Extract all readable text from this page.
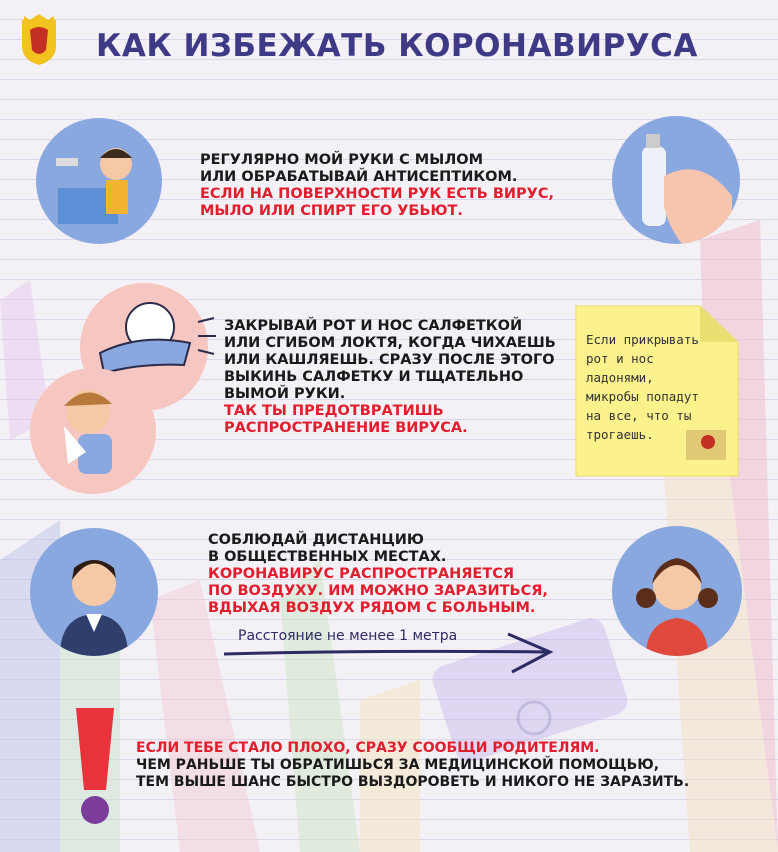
КАК ИЗБЕЖАТЬ КОРОНАВИРУСА
РЕГУЛЯРНО МОЙ РУКИ С МЫЛОМ
ИЛИ ОБРАБАТЫВАЙ АНТИСЕПТИКОМ.
ЕСЛИ НА ПОВЕРХНОСТИ РУК ЕСТЬ ВИРУС,
МЫЛО ИЛИ СПИРТ ЕГО УБЬЮТ.
ЗАКРЫВАЙ РОТ И НОС САЛФЕТКОЙ
ИЛИ СГИБОМ ЛОКТЯ, КОГДА ЧИХАЕШЬ
ИЛИ КАШЛЯЕШЬ. СРАЗУ ПОСЛЕ ЭТОГО
ВЫКИНЬ САЛФЕТКУ И ТЩАТЕЛЬНО
ВЫМОЙ РУКИ.
ТАК ТЫ ПРЕДОТВРАТИШЬ
РАСПРОСТРАНЕНИЕ ВИРУСА.
Если прикрывать
рот и нос
ладонями,
микробы попадут
на все, что ты
трогаешь.
СОБЛЮДАЙ ДИСТАНЦИЮ
В ОБЩЕСТВЕННЫХ МЕСТАХ.
КОРОНАВИРУС РАСПРОСТРАНЯЕТСЯ
ПО ВОЗДУХУ. ИМ МОЖНО ЗАРАЗИТЬСЯ,
ВДЫХАЯ ВОЗДУХ РЯДОМ С БОЛЬНЫМ.
Расстояние не менее 1 метра
ЕСЛИ ТЕБЕ СТАЛО ПЛОХО, СРАЗУ СООБЩИ РОДИТЕЛЯМ.
ЧЕМ РАНЬШЕ ТЫ ОБРАТИШЬСЯ ЗА МЕДИЦИНСКОЙ ПОМОЩЬЮ,
ТЕМ ВЫШЕ ШАНС БЫСТРО ВЫЗДОРОВЕТЬ И НИКОГО НЕ ЗАРАЗИТЬ.
